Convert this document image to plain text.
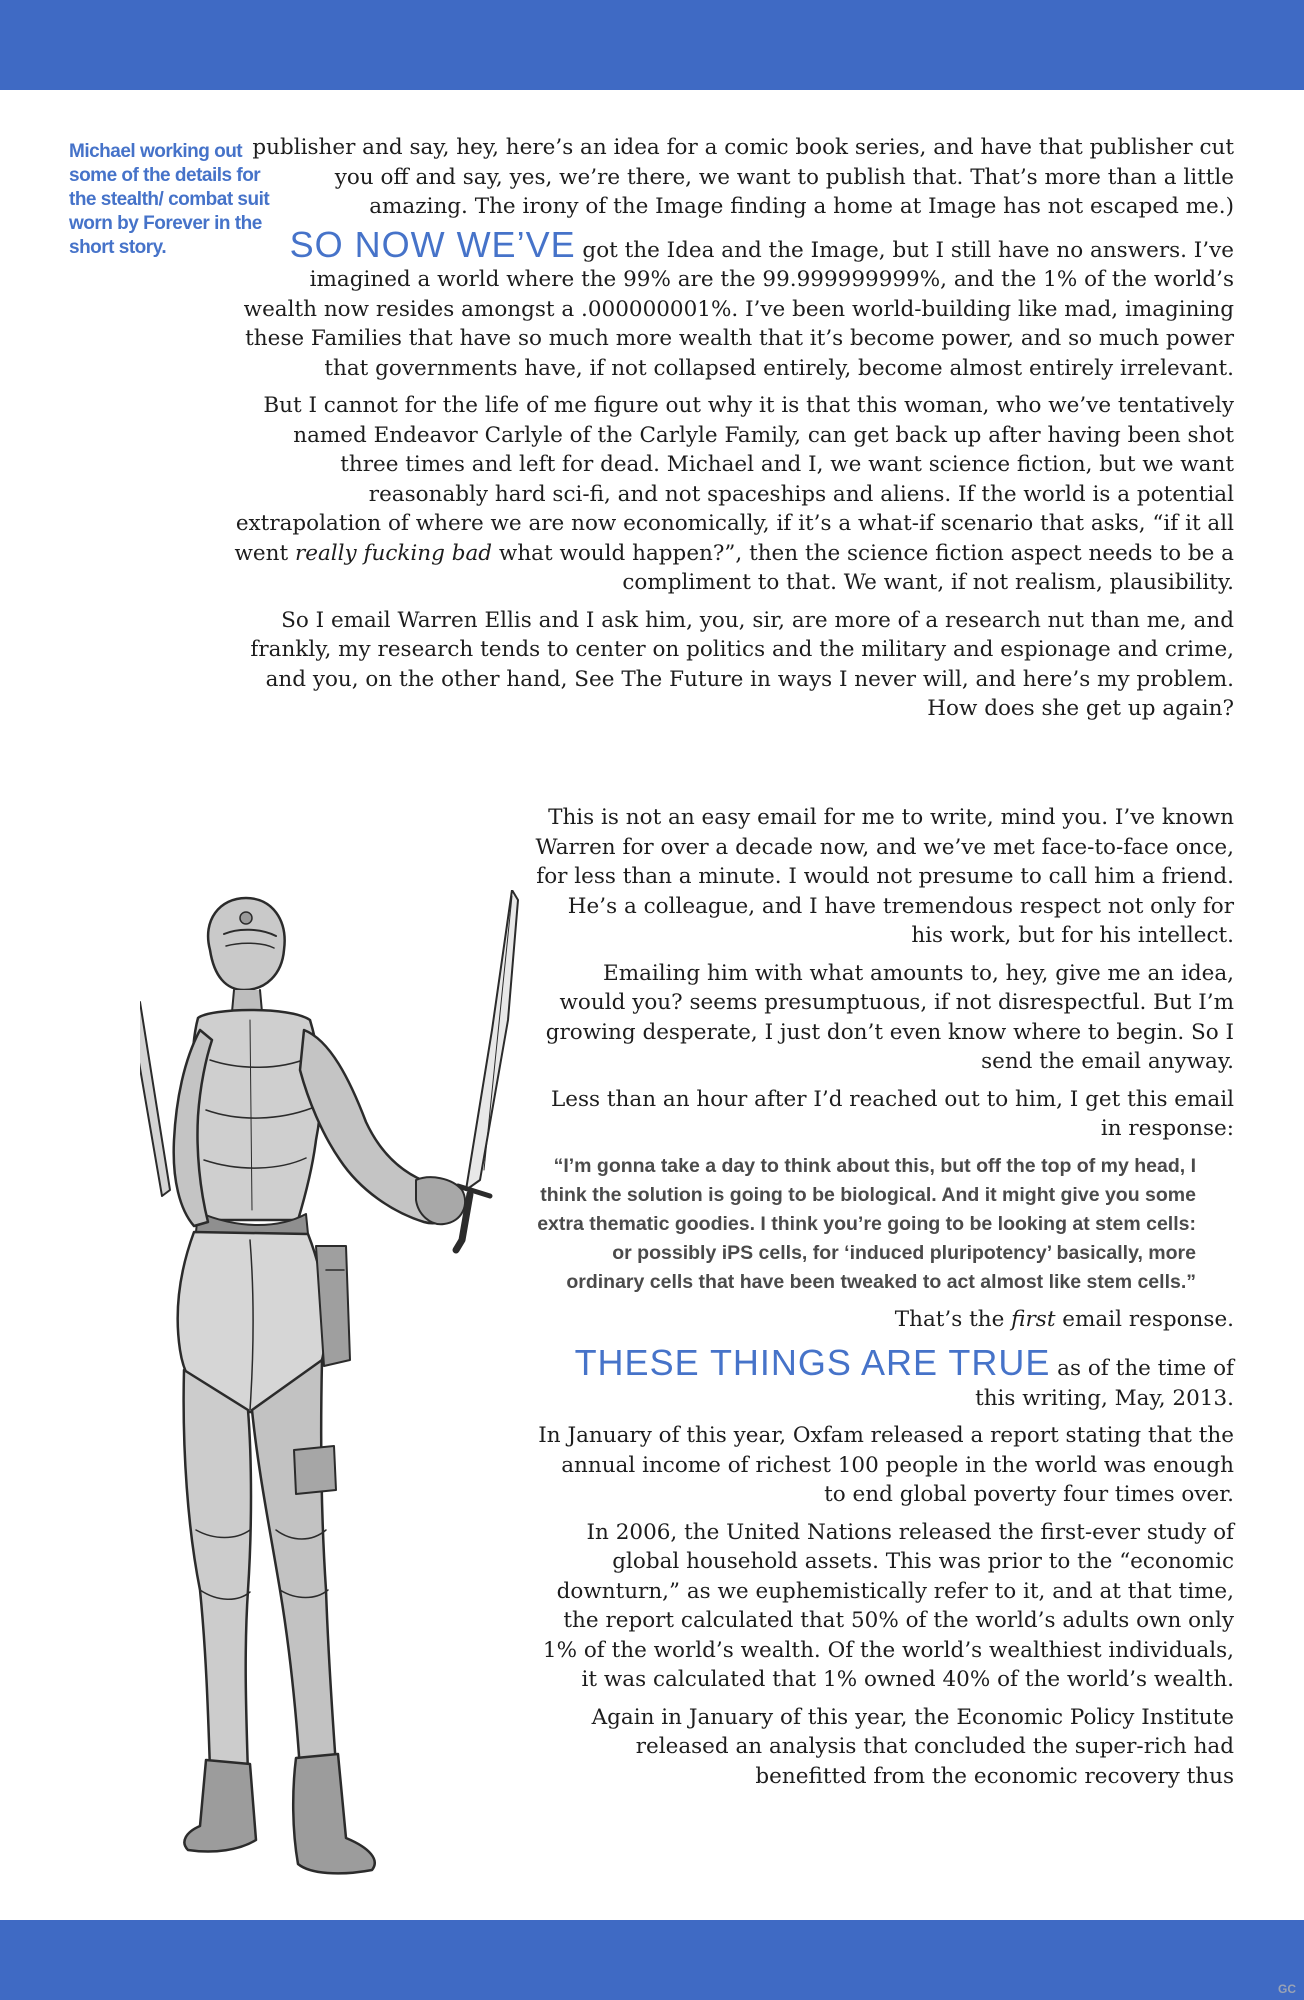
Michael working out some of the details for the stealth/ combat suit worn by Forever in the short story.

publisher and say, hey, here’s an idea for a comic book series, and have that publisher cut you off and say, yes, we’re there, we want to publish that. That’s more than a little amazing. The irony of the Image finding a home at Image has not escaped me.)

SO NOW WE’VE got the Idea and the Image, but I still have no answers. I’ve imagined a world where the 99% are the 99.999999999%, and the 1% of the world’s wealth now resides amongst a .000000001%. I’ve been world-building like mad, imagining these Families that have so much more wealth that it’s become power, and so much power that governments have, if not collapsed entirely, become almost entirely irrelevant.

But I cannot for the life of me figure out why it is that this woman, who we’ve tentatively named Endeavor Carlyle of the Carlyle Family, can get back up after having been shot three times and left for dead. Michael and I, we want science fiction, but we want reasonably hard sci-fi, and not spaceships and aliens. If the world is a potential extrapolation of where we are now economically, if it’s a what-if scenario that asks, “if it all went really fucking bad what would happen?”, then the science fiction aspect needs to be a compliment to that. We want, if not realism, plausibility.

So I email Warren Ellis and I ask him, you, sir, are more of a research nut than me, and frankly, my research tends to center on politics and the military and espionage and crime, and you, on the other hand, See The Future in ways I never will, and here’s my problem. How does she get up again?

This is not an easy email for me to write, mind you. I’ve known Warren for over a decade now, and we’ve met face-to-face once, for less than a minute. I would not presume to call him a friend. He’s a colleague, and I have tremendous respect not only for his work, but for his intellect.

Emailing him with what amounts to, hey, give me an idea, would you? seems presumptuous, if not disrespectful. But I’m growing desperate, I just don’t even know where to begin. So I send the email anyway.

Less than an hour after I’d reached out to him, I get this email in response:

“I’m gonna take a day to think about this, but off the top of my head, I think the solution is going to be biological. And it might give you some extra thematic goodies. I think you’re going to be looking at stem cells: or possibly iPS cells, for ‘induced pluripotency’ basically, more ordinary cells that have been tweaked to act almost like stem cells.”

That’s the first email response.

THESE THINGS ARE TRUE as of the time of this writing, May, 2013.

In January of this year, Oxfam released a report stating that the annual income of richest 100 people in the world was enough to end global poverty four times over.

In 2006, the United Nations released the first-ever study of global household assets. This was prior to the “economic downturn,” as we euphemistically refer to it, and at that time, the report calculated that 50% of the world’s adults own only 1% of the world’s wealth. Of the world’s wealthiest individuals, it was calculated that 1% owned 40% of the world’s wealth.

Again in January of this year, the Economic Policy Institute released an analysis that concluded the super-rich had benefitted from the economic recovery thus

GC
